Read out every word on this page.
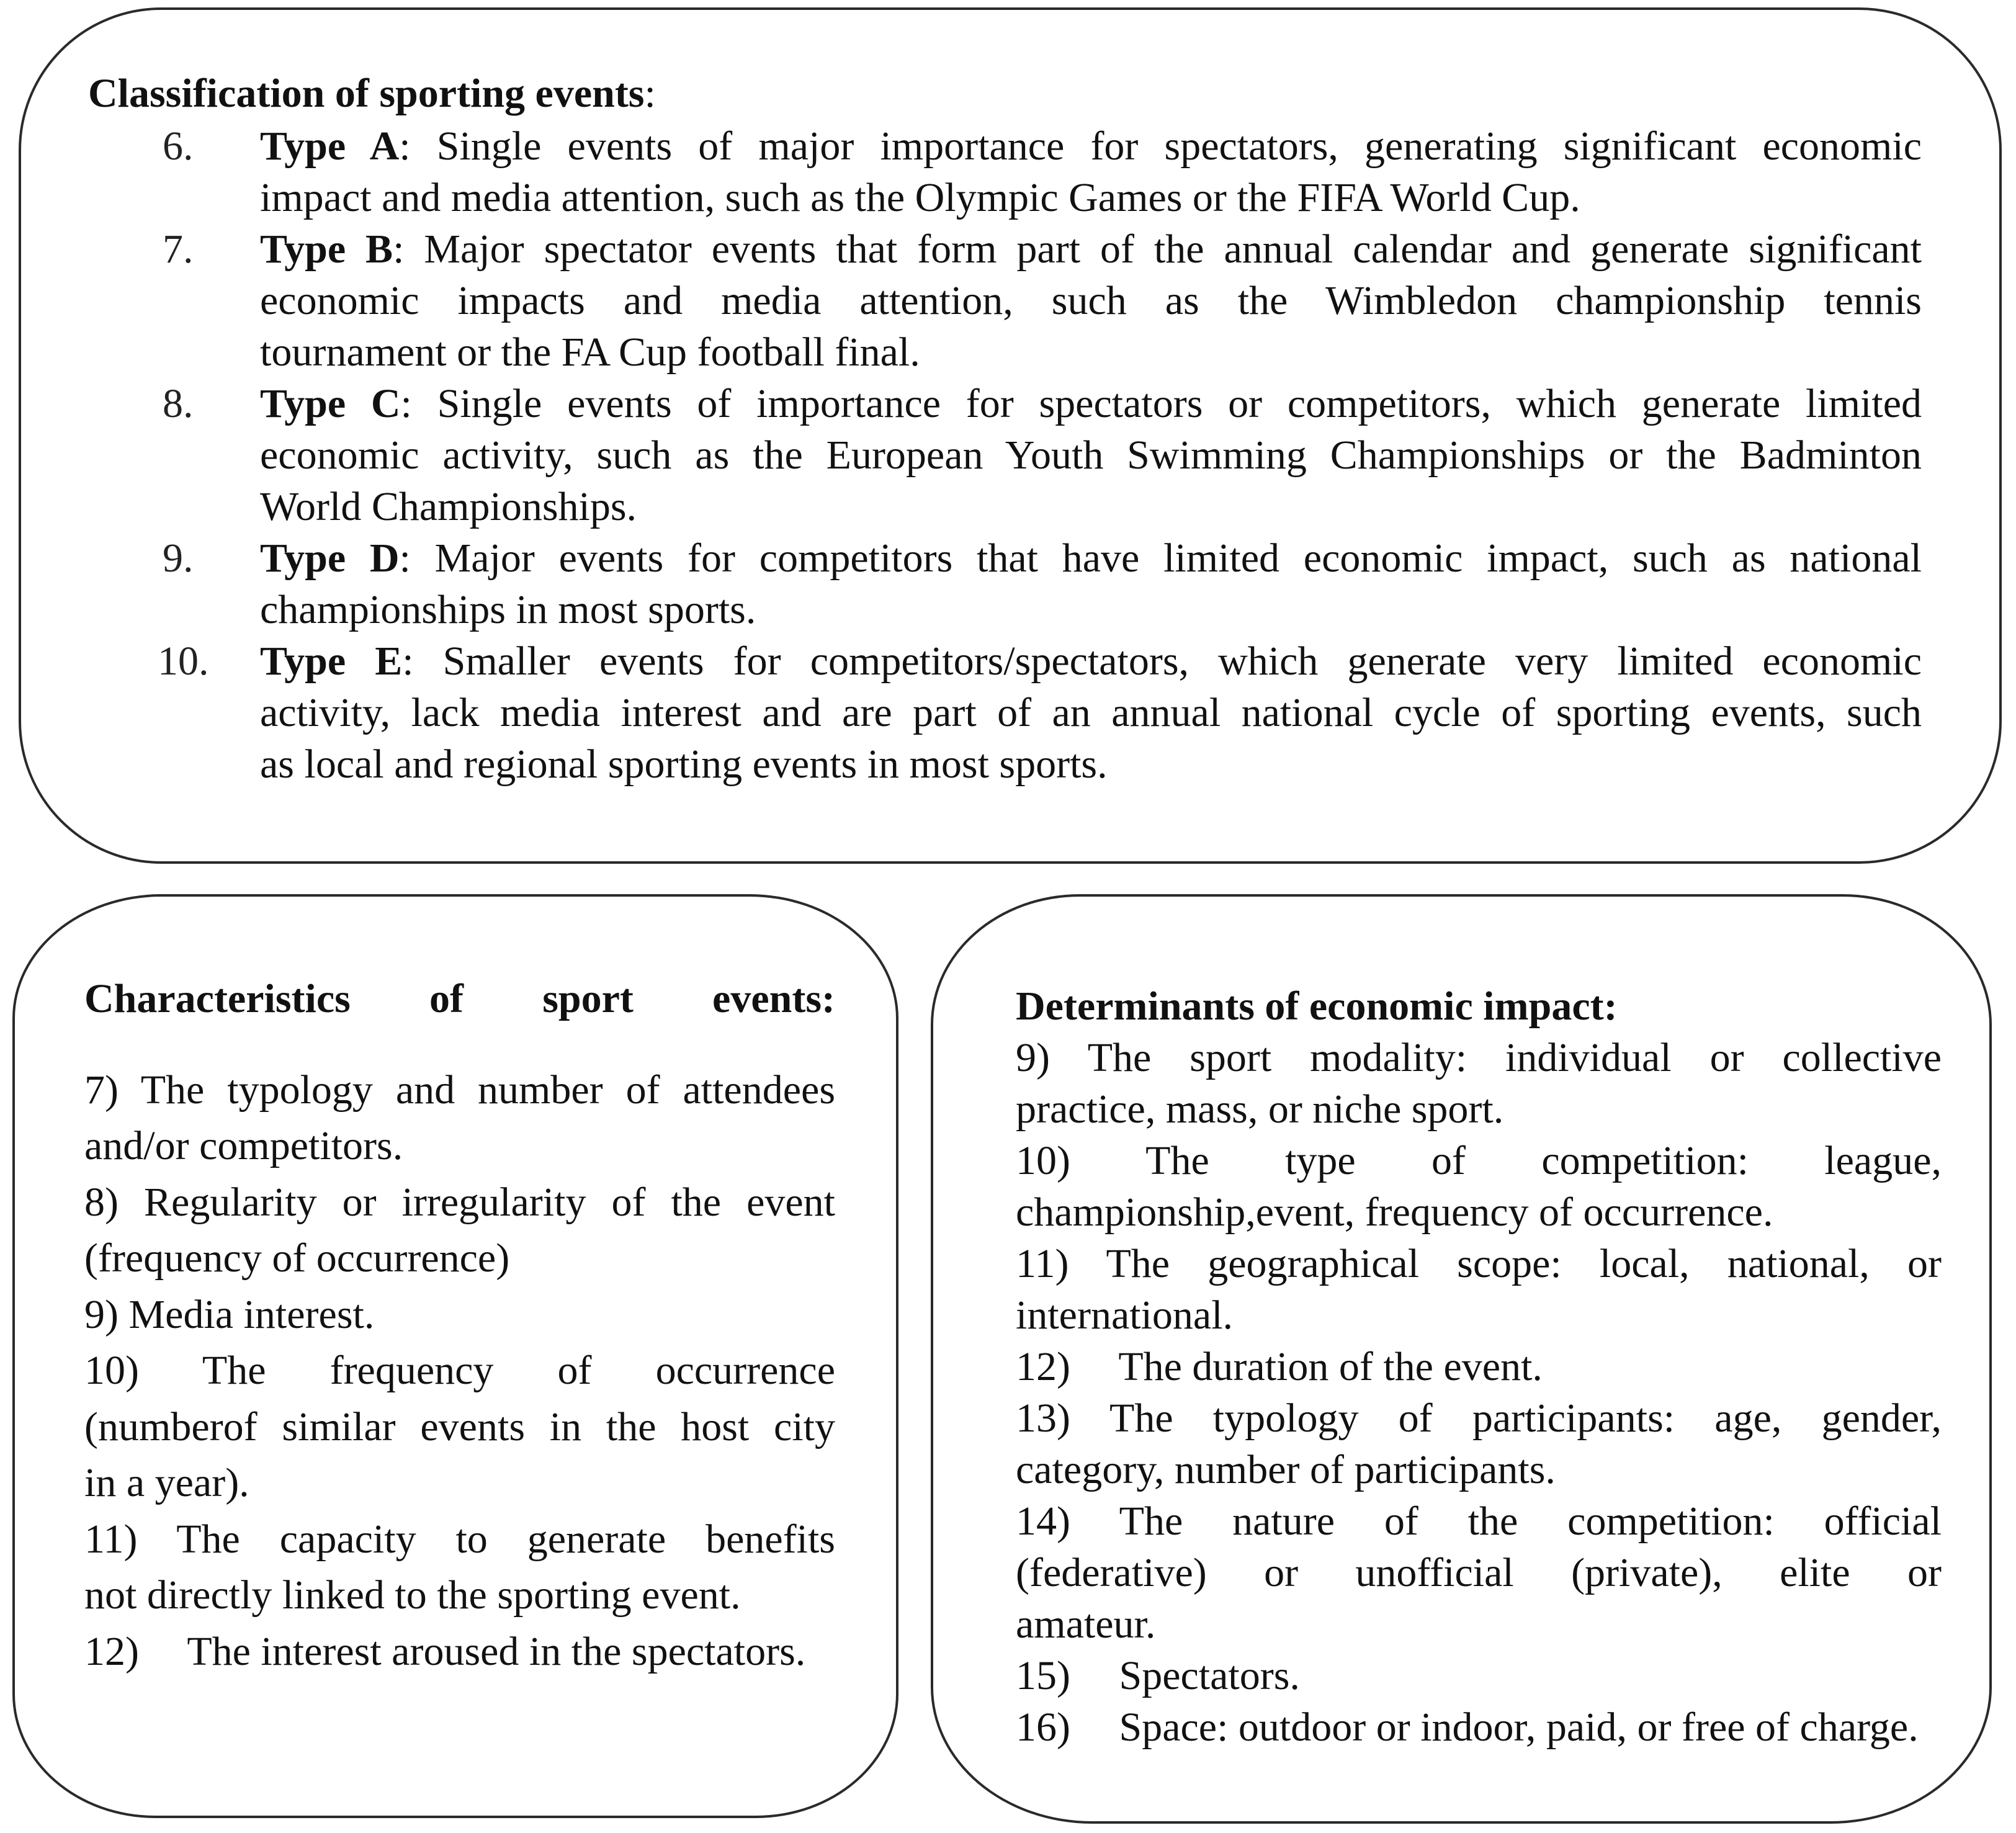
Classification of sporting events:
6.	Type A: Single events of major importance for spectators, generating significant economic
impact and media attention, such as the Olympic Games or the FIFA World Cup.
7.	Type B: Major spectator events that form part of the annual calendar and generate significant
economic impacts and media attention, such as the Wimbledon championship tennis
tournament or the FA Cup football final.
8.	Type C: Single events of importance for spectators or competitors, which generate limited
economic activity, such as the European Youth Swimming Championships or the Badminton
World Championships.
9.	Type D: Major events for competitors that have limited economic impact, such as national
championships in most sports.
10.	Type E: Smaller events for competitors/spectators, which generate very limited economic
activity, lack media interest and are part of an annual national cycle of sporting events, such
as local and regional sporting events in most sports.
Characteristics of sport events:
7) The typology and number of attendees
and/or competitors.
8) Regularity or irregularity of the event
(frequency of occurrence)
9) Media interest.
10) The frequency of occurrence
(numberof similar events in the host city
in a year).
11) The capacity to generate benefits
not directly linked to the sporting event.
12) The interest aroused in the spectators.
Determinants of economic impact:
9) The sport modality: individual or collective
practice, mass, or niche sport.
10) The type of competition: league,
championship,event, frequency of occurrence.
11) The geographical scope: local, national, or
international.
12) The duration of the event.
13) The typology of participants: age, gender,
category, number of participants.
14) The nature of the competition: official
(federative) or unofficial (private), elite or
amateur.
15) Spectators.
16) Space: outdoor or indoor, paid, or free of charge.
